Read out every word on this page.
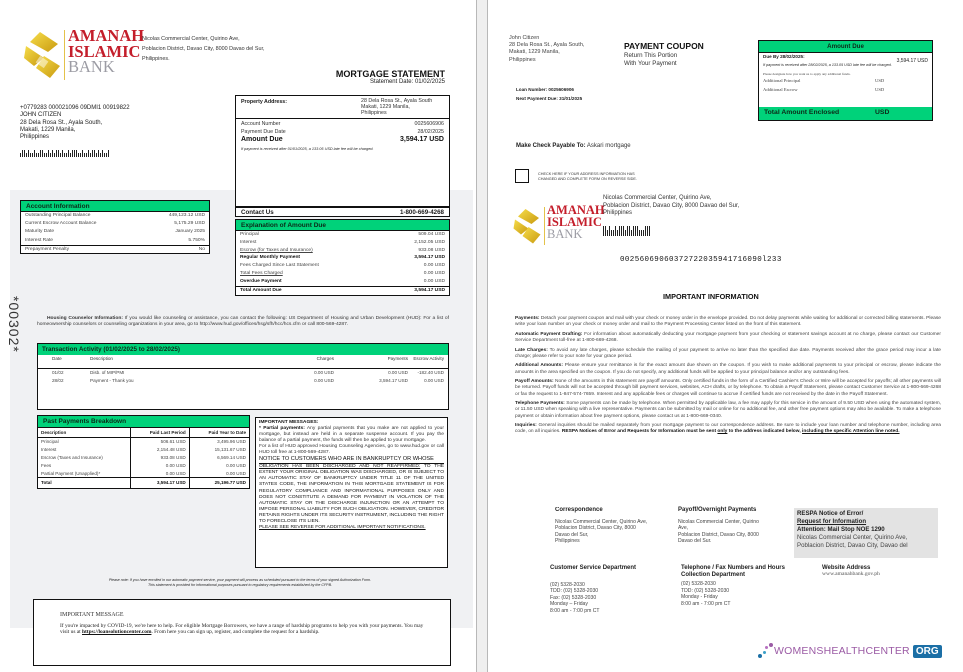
AMANAH
ISLAMIC
BANK
Nicolas Commercial Center, Quirino Ave,
Poblacion District, Davao City, 8000 Davao del Sur,
Philippines.
MORTGAGE STATEMENT
Statement Date: 01/02/2025
+0779283 000021096 09DMI1 00919822
JOHN CITIZEN
28 Dela Rosa St., Ayala South,
Makati, 1229 Manila,
Philippines
Property Address:	28 Dela Rosa St., Ayala South
Makati, 1229 Manila,
Philippines
Account Number	0025606906
Payment Due Date	28/02/2025
Amount Due	3,594.17 USD
If payment is received after 01/01/2025, a 133.05 USD late fee will be charged.
Contact Us	1-800-669-4268
Explanation of Amount Due
Principal	509.04 USD
Interest	2,152.05 USD
Escrow (for Taxes and Insurance)	933.08 USD
Regular Monthly Payment	3,594.17 USD
Fees Charged Since Last Statement	0.00 USD
Total Fees Charged	0.00 USD
Overdue Payment	0.00 USD
Total Amount Due	3,594.17 USD
Account Information
Outstanding Principal Balance	449,123.12 USD
Current Escrow Account Balance	5,175.29 USD
Maturity Date	January 2025
Interest Rate	5.750%
Prepayment Penalty	No
*00302*	Housing Counselor Information: If you would like counseling or assistance, you can contact the following: US Department of Housing and Urban Development (HUD): For a list of homeownership counselors or counseling organizations in your area, go to http://www.hud.gov/offices/hsg/sfh/hcc/hcs.cfm or call 800-569-4287.
Transaction Activity (01/02/2025 to 28/02/2025)
Date	Description	Charges	Payments	Escrow Activity
01/02	Disb. of MIP/PMI	0.00 USD	0.00 USD	-182.40 USD
28/02	Payment - Thank you	0.00 USD	3,594.17 USD	0.00 USD
Past Payments Breakdown
Description	Paid Last Period	Paid Year to Date
Principal	506.61 USD	3,495.96 USD
Interest	2,154.48 USD	15,131.67 USD
Escrow (Taxes and Insurance)	933.08 USD	6,569.14 USD
Fees	0.00 USD	0.00 USD
Partial Payment (Unapplied)*	0.00 USD	0.00 USD
Total	3,594.17 USD	25,196.77 USD
IMPORTANT MESSAGES:
* Partial payments: Any partial payments that you make are not applied to your mortgage, but instead are held in a separate suspense account. If you pay the balance of a partial payment, the funds will then be applied to your mortgage.
For a list of HUD approved Housing Counseling Agencies, go to www.hud.gov or call HUD toll free at 1-800-569-4287.
NOTICE TO CUSTOMERS WHO ARE IN BANKRUPTCY OR WHOSE
OBLIGATION HAS BEEN DISCHARGED AND NOT REAFFIRMED: TO THE EXTENT YOUR ORIGINAL OBLIGATION WAS DISCHARGED, OR IS SUBJECT TO AN AUTOMATIC STAY OF BANKRUPTCY UNDER TITLE 11 OF THE UNITED STATES CODE, THE INFORMATION IN THIS MORTGAGE STATEMENT IS FOR REGULATORY COMPLIANCE AND INFORMATIONAL PURPOSES ONLY AND DOES NOT CONSTITUTE A DEMAND FOR PAYMENT IN VIOLATION OF THE AUTOMATIC STAY OR THE DISCHARGE INJUNCTION OR AN ATTEMPT TO IMPOSE PERSONAL LIABILITY FOR SUCH OBLIGATION. HOWEVER, CREDITOR RETAINS RIGHTS UNDER ITS SECURITY INSTRUMENT, INCLUDING THE RIGHT TO FORECLOSE ITS LIEN.
PLEASE SEE REVERSE FOR ADDITIONAL IMPORTANT NOTIFICATIONS.
Please note: If you have enrolled in our automatic payment service, your payment will process as scheduled pursuant to the terms of your signed Authorization Form.
This statement is provided for informational purposes pursuant to regulatory requirements established by the CFPB.
IMPORTANT MESSAGE
If you're impacted by COVID-19, we're here to help. For eligible Mortgage Borrowers, we have a range of hardship programs to help you with your payments. You may visit us at https://loansolutioncenter.com. From here you can sign up, register, and complete the request for a hardship.
John Citizen
28 Dela Rosa St., Ayala South,
Makati, 1229 Manila,
Philippines
PAYMENT COUPON
Return This Portion
With Your Payment
Loan Number: 0025606906
Next Payment Due: 31/01/2025
Amount Due
Due By 28/02/2025:
3,594.17 USD
If payment is received after 28/02/2025, a 133.05 USD late fee will be charged.
Please designate how you want us to apply any additional funds.
Additional Principal	USD
Additional Escrow	USD
Total Amount Enclosed	USD
Make Check Payable To: Askari mortgage
CHECK HERE IF YOUR ADDRESS INFORMATION HAS
CHANGED AND COMPLETE FORM ON REVERSE SIDE.
AMANAH
ISLAMIC
BANK
Nicolas Commercial Center, Quirino Ave,
Poblacion District, Davao City, 8000 Davao del Sur,
Philippines
00256069060372722035941716090l233
IMPORTANT INFORMATION

Payments: Detach your payment coupon and mail with your check or money order in the envelope provided. Do not delay payments while waiting for additional or corrected billing statements. Please write your loan number on your check or money order and mail to the Payment Processing Center listed on the front of this statement.

Automatic Payment Drafting: For information about automatically deducting your mortgage payment from your checking or statement savings account at no charge, please contact our Customer Service Department toll-free at 1-800-669-4268.

Late Charges: To avoid any late charges, please schedule the mailing of your payment to arrive no later than the specified due date. Payments received after the grace period may incur a late charge; please refer to your note for your grace period.

Additional Amounts: Please ensure your remittance is for the exact amount due shown on the coupon. If you wish to make additional payments to your principal or escrow, please indicate the amounts in the area specified on the coupon. If you do not specify, any additional funds will be applied to your principal balance and/or any outstanding fees.

Payoff Amounts: None of the amounts in this statement are payoff amounts. Only certified funds in the form of a Certified Cashier's Check or Wire will be accepted for payoffs; all other payments will be returned. Payoff funds will not be accepted through bill payment services, websites, ACH drafts, or by telephone. To obtain a Payoff Statement, please contact Customer Service at 1-800-669-4268 or fax the request to 1-847-574-7659. Interest and any applicable fees or charges will continue to accrue if certified funds are not received by the date in the Payoff Statement.

Telephone Payments: Some payments can be made by telephone. When permitted by applicable law, a fee may apply for this service in the amount of 9.50 USD when using the automated system, or 11.50 USD when speaking with a live representative. Payments can be submitted by mail or online for no additional fee, and other free payment options may also be available. To make a telephone payment or obtain information about free payment options, please contact us at 1-800-669-0340.

Inquiries: General inquiries should be mailed separately from your mortgage payment to our correspondence address. Be sure to include your loan number and telephone number, including area code, on all inquiries. RESPA Notices of Error and Requests for Information must be sent only to the address indicated below, including the specific Attention line noted.

Correspondence
Nicolas Commercial Center, Quirino Ave,
Poblacion District, Davao City, 8000
Davao del Sur,
Philippines
Payoff/Overnight Payments
Nicolas Commercial Center, Quirino
Ave,
Poblacion District, Davao City, 8000
Davao del Sur.
RESPA Notice of Error/
Request for Information
Attention: Mail Stop NOE 1290
Nicolas Commercial Center, Quirino Ave,
Poblacion District, Davao City, Davao del
Customer Service Department
(02) 5328-2030
TDD: (02) 5328-2030
Fax: (02) 5328-2030
Monday – Friday
8:00 am - 7:00 pm CT
Telephone / Fax Numbers and Hours
Collection Department
(02) 5328-2030
TDD: (02) 5328-2030
Monday - Friday
8:00 am - 7:00 pm CT
Website Address
www.amanahbank.gov.ph
WOMENSHEALTHCENTER ORG
